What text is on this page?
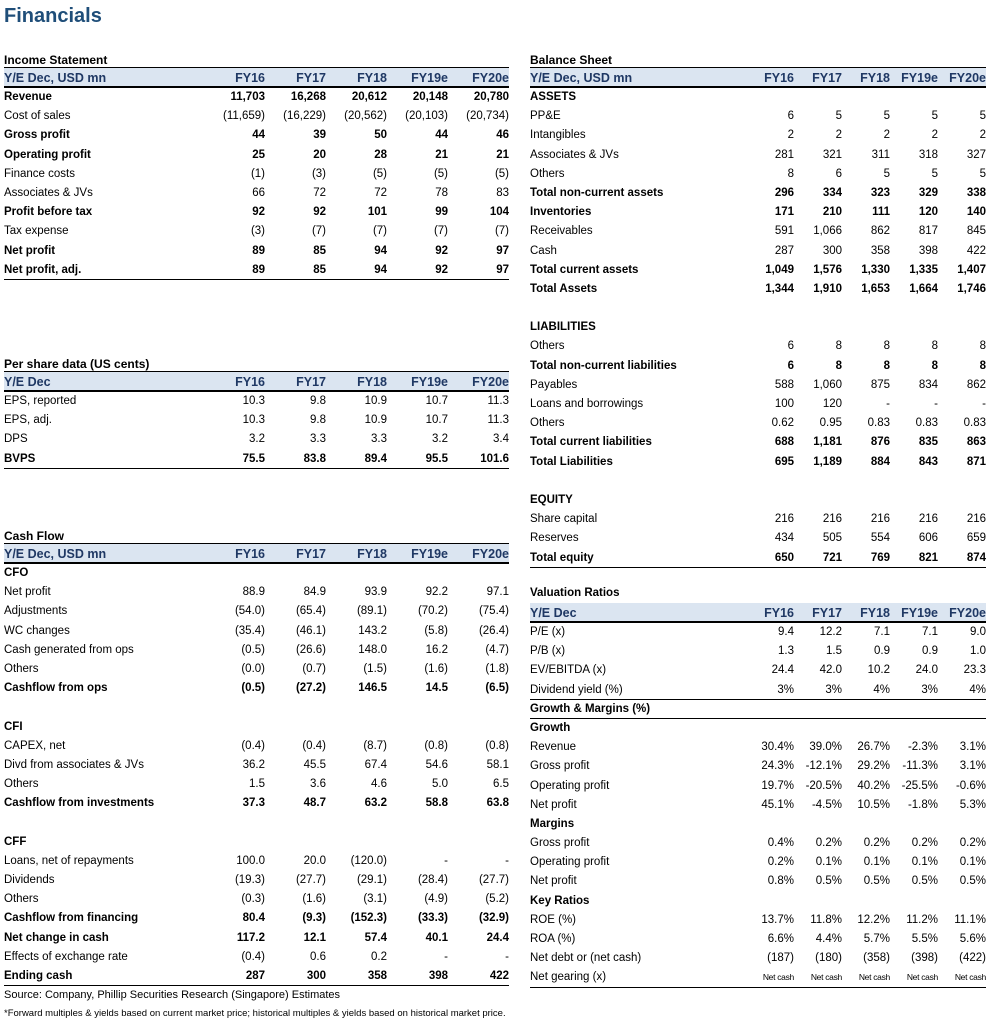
Financials
Income Statement
Y/E Dec, USD mn	FY16	FY17	FY18	FY19e	FY20e
Revenue	11,703	16,268	20,612	20,148	20,780
Cost of sales	(11,659)	(16,229)	(20,562)	(20,103)	(20,734)
Gross profit	44	39	50	44	46
Operating profit	25	20	28	21	21
Finance costs	(1)	(3)	(5)	(5)	(5)
Associates & JVs	66	72	72	78	83
Profit before tax	92	92	101	99	104
Tax expense	(3)	(7)	(7)	(7)	(7)
Net profit	89	85	94	92	97
Net profit, adj.	89	85	94	92	97
Per share data (US cents)
Y/E Dec	FY16	FY17	FY18	FY19e	FY20e
EPS, reported	10.3	9.8	10.9	10.7	11.3
EPS, adj.	10.3	9.8	10.9	10.7	11.3
DPS	3.2	3.3	3.3	3.2	3.4
BVPS	75.5	83.8	89.4	95.5	101.6
Cash Flow
Y/E Dec, USD mn	FY16	FY17	FY18	FY19e	FY20e
CFO
Net profit	88.9	84.9	93.9	92.2	97.1
Adjustments	(54.0)	(65.4)	(89.1)	(70.2)	(75.4)
WC changes	(35.4)	(46.1)	143.2	(5.8)	(26.4)
Cash generated from ops	(0.5)	(26.6)	148.0	16.2	(4.7)
Others	(0.0)	(0.7)	(1.5)	(1.6)	(1.8)
Cashflow from ops	(0.5)	(27.2)	146.5	14.5	(6.5)
CFI
CAPEX, net	(0.4)	(0.4)	(8.7)	(0.8)	(0.8)
Divd from associates & JVs	36.2	45.5	67.4	54.6	58.1
Others	1.5	3.6	4.6	5.0	6.5
Cashflow from investments	37.3	48.7	63.2	58.8	63.8
CFF
Loans, net of repayments	100.0	20.0	(120.0)	-	-
Dividends	(19.3)	(27.7)	(29.1)	(28.4)	(27.7)
Others	(0.3)	(1.6)	(3.1)	(4.9)	(5.2)
Cashflow from financing	80.4	(9.3)	(152.3)	(33.3)	(32.9)
Net change in cash	117.2	12.1	57.4	40.1	24.4
Effects of exchange rate	(0.4)	0.6	0.2	-	-
Ending cash	287	300	358	398	422
Balance Sheet
Y/E Dec, USD mn	FY16	FY17	FY18 FY19e FY20e
ASSETS
PP&E	6	5	5	5	5
Intangibles	2	2	2	2	2
Associates & JVs	281	321	311	318	327
Others	8	6	5	5	5
Total non-current assets	296	334	323	329	338
Inventories	171	210	111	120	140
Receivables	591	1,066	862	817	845
Cash	287	300	358	398	422
Total current assets	1,049	1,576	1,330	1,335	1,407
Total Assets	1,344	1,910	1,653	1,664	1,746
LIABILITIES
Others	6	8	8	8	8
Total non-current liabilities	6	8	8	8	8
Payables	588	1,060	875	834	862
Loans and borrowings	100	120	-	-	-
Others	0.62	0.95	0.83	0.83	0.83
Total current liabilities	688	1,181	876	835	863
Total Liabilities	695	1,189	884	843	871
EQUITY
Share capital	216	216	216	216	216
Reserves	434	505	554	606	659
Total equity	650	721	769	821	874
Valuation Ratios
Y/E Dec	FY16	FY17	FY18 FY19e FY20e
P/E (x)	9.4	12.2	7.1	7.1	9.0
P/B (x)	1.3	1.5	0.9	0.9	1.0
EV/EBITDA (x)	24.4	42.0	10.2	24.0	23.3
Dividend yield (%)	3%	3%	4%	3%	4%
Growth & Margins (%)
Growth
Revenue	30.4%	39.0%	26.7%	-2.3%	3.1%
Gross profit	24.3%	-12.1%	29.2%	-11.3%	3.1%
Operating profit	19.7%	-20.5%	40.2%	-25.5%	-0.6%
Net profit	45.1%	-4.5%	10.5%	-1.8%	5.3%
Margins
Gross profit	0.4%	0.2%	0.2%	0.2%	0.2%
Operating profit	0.2%	0.1%	0.1%	0.1%	0.1%
Net profit	0.8%	0.5%	0.5%	0.5%	0.5%
Key Ratios
ROE (%)	13.7%	11.8%	12.2%	11.2%	11.1%
ROA (%)	6.6%	4.4%	5.7%	5.5%	5.6%
Net debt or (net cash)	(187)	(180)	(358)	(398)	(422)
Net gearing (x)	Net cash	Net cash	Net cash	Net cash	Net cash
Source: Company, Phillip Securities Research (Singapore) Estimates
*Forward multiples & yields based on current market price; historical multiples & yields based on historical market price.
